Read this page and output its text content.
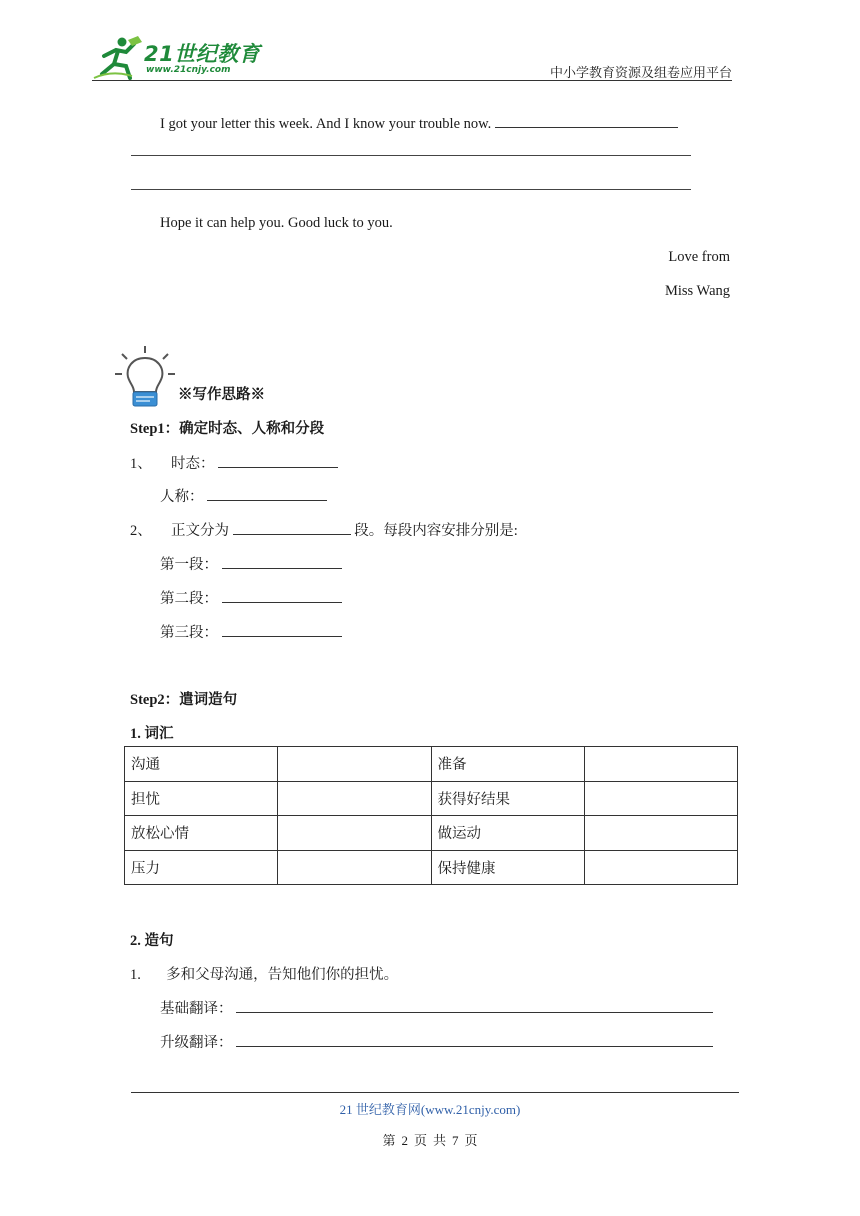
21世纪教育
www.21cnjy.com	中小学教育资源及组卷应用平台
I got your letter this week. And I know your trouble now.
Hope it can help you. Good luck to you.
Love from
Miss Wang
※写作思路※
Step1：确定时态、人称和分段
1、 时态：
人称：
2、 正文分为	段。每段内容安排分别是:
第一段：
第二段：
第三段：
Step2：遣词造句
1. 词汇
沟通		准备	
担忧		获得好结果	
放松心情		做运动	
压力		保持健康	
2. 造句
1. 多和父母沟通，告知他们你的担忧。
基础翻译：
升级翻译：
21 世纪教育网(www.21cnjy.com)
第 2 页 共 7 页
